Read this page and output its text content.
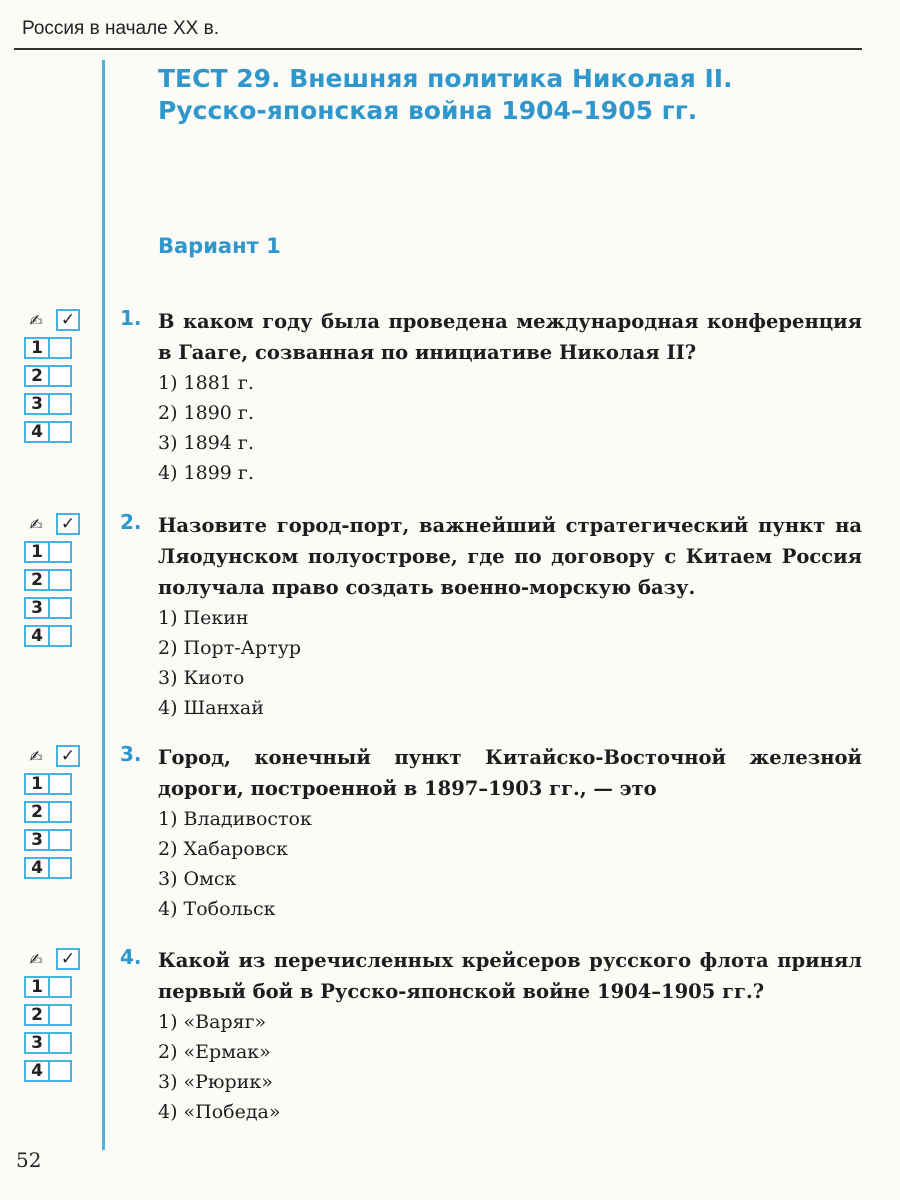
Россия в начале XX в.
ТЕСТ 29. Внешняя политика Николая II.
Русско-японская война 1904–1905 гг.
Вариант 1
✍	✓
1
2
3
4
1. В каком году была проведена международная конференция в Гааге, созванная по инициативе Николая II?
1) 1881 г.
2) 1890 г.
3) 1894 г.
4) 1899 г.
✍	✓
1
2
3
4
2. Назовите город-порт, важнейший стратегический пункт на Ляодунском полуострове, где по договору с Китаем Россия получала право создать военно-морскую базу.
1) Пекин
2) Порт-Артур
3) Киото
4) Шанхай
✍	✓
1
2
3
4
3. Город, конечный пункт Китайско-Восточной железной дороги, построенной в 1897–1903 гг., — это
1) Владивосток
2) Хабаровск
3) Омск
4) Тобольск
✍	✓
1
2
3
4
4. Какой из перечисленных крейсеров русского флота принял первый бой в Русско-японской войне 1904–1905 гг.?
1) «Варяг»
2) «Ермак»
3) «Рюрик»
4) «Победа»
52
